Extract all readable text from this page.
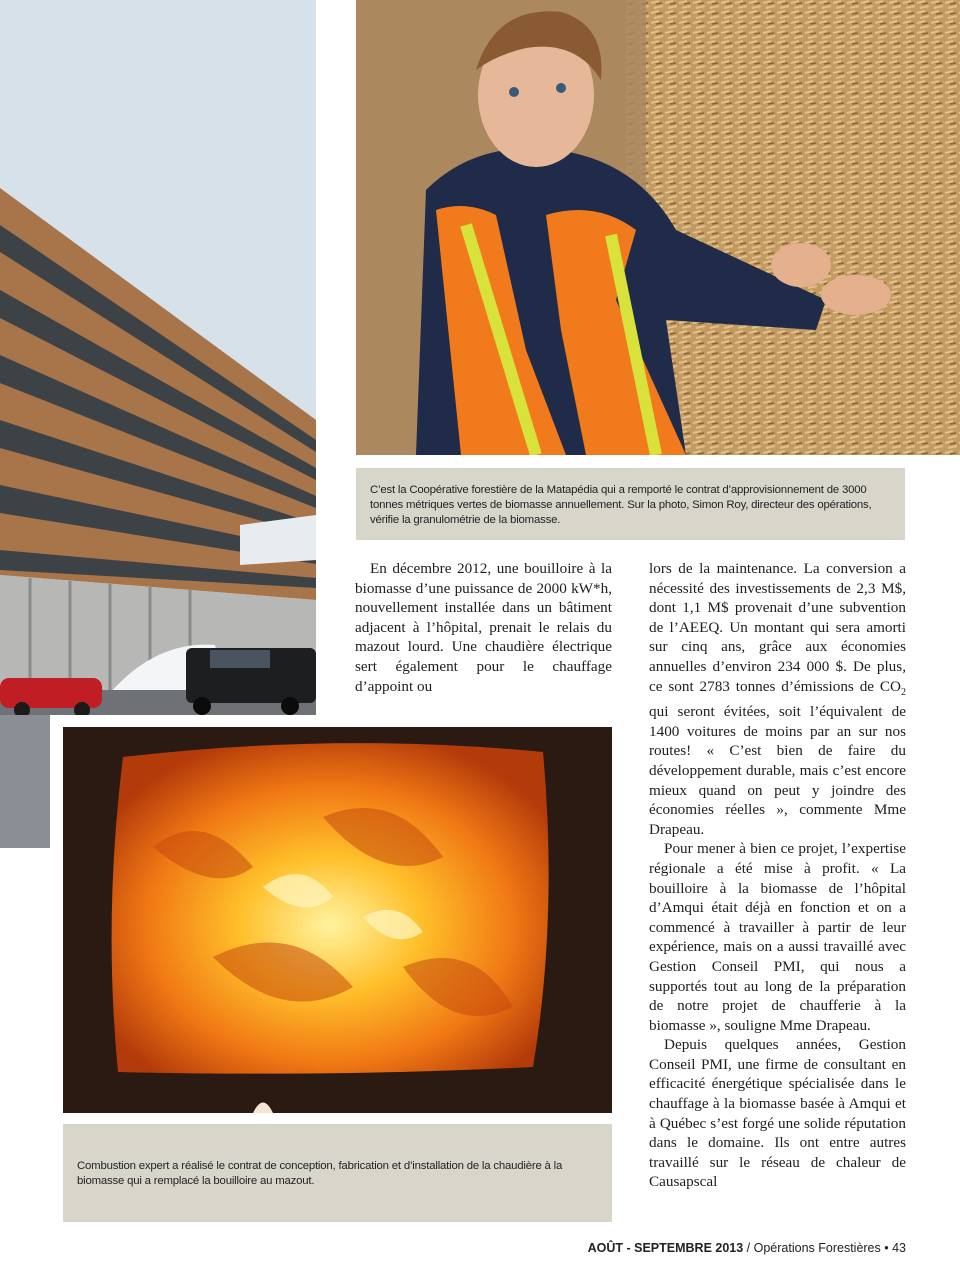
C’est la Coopérative forestière de la Matapédia qui a remporté le contrat d’approvisionnement de 3000 tonnes métriques vertes de biomasse annuellement. Sur la photo, Simon Roy, directeur des opérations, vérifie la granulométrie de la biomasse.
Combustion expert a réalisé le contrat de conception, fabrication et d’installation de la chaudière à la biomasse qui a remplacé la bouilloire au mazout.

En décembre 2012, une bouilloire à la biomasse d’une puissance de 2000 kW*h, nouvellement installée dans un bâtiment adjacent à l’hôpital, prenait le relais du mazout lourd. Une chaudière électrique sert également pour le chauffage d’appoint ou

lors de la maintenance. La conversion a nécessité des investissements de 2,3 M$, dont 1,1 M$ provenait d’une subvention de l’AEEQ. Un montant qui sera amorti sur cinq ans, grâce aux économies annuelles d’environ 234 000 $. De plus, ce sont 2783 tonnes d’émissions de $CO_2$ qui seront évitées, soit l’équivalent de 1400 voitures de moins par an sur nos routes! « C’est bien de faire du développement durable, mais c’est encore mieux quand on peut y joindre des économies réelles », commente Mme Drapeau.

Pour mener à bien ce projet, l’expertise régionale a été mise à profit. « La bouilloire à la biomasse de l’hôpital d’Amqui était déjà en fonction et on a commencé à travailler à partir de leur expérience, mais on a aussi travaillé avec Gestion Conseil PMI, qui nous a supportés tout au long de la préparation de notre projet de chaufferie à la biomasse », souligne Mme Drapeau.

Depuis quelques années, Gestion Conseil PMI, une firme de consultant en efficacité énergétique spécialisée dans le chauffage à la biomasse basée à Amqui et à Québec s’est forgé une solide réputation dans le domaine. Ils ont entre autres travaillé sur le réseau de chaleur de Causapscal

AOÛT - SEPTEMBRE 2013 / Opérations Forestières • 43
